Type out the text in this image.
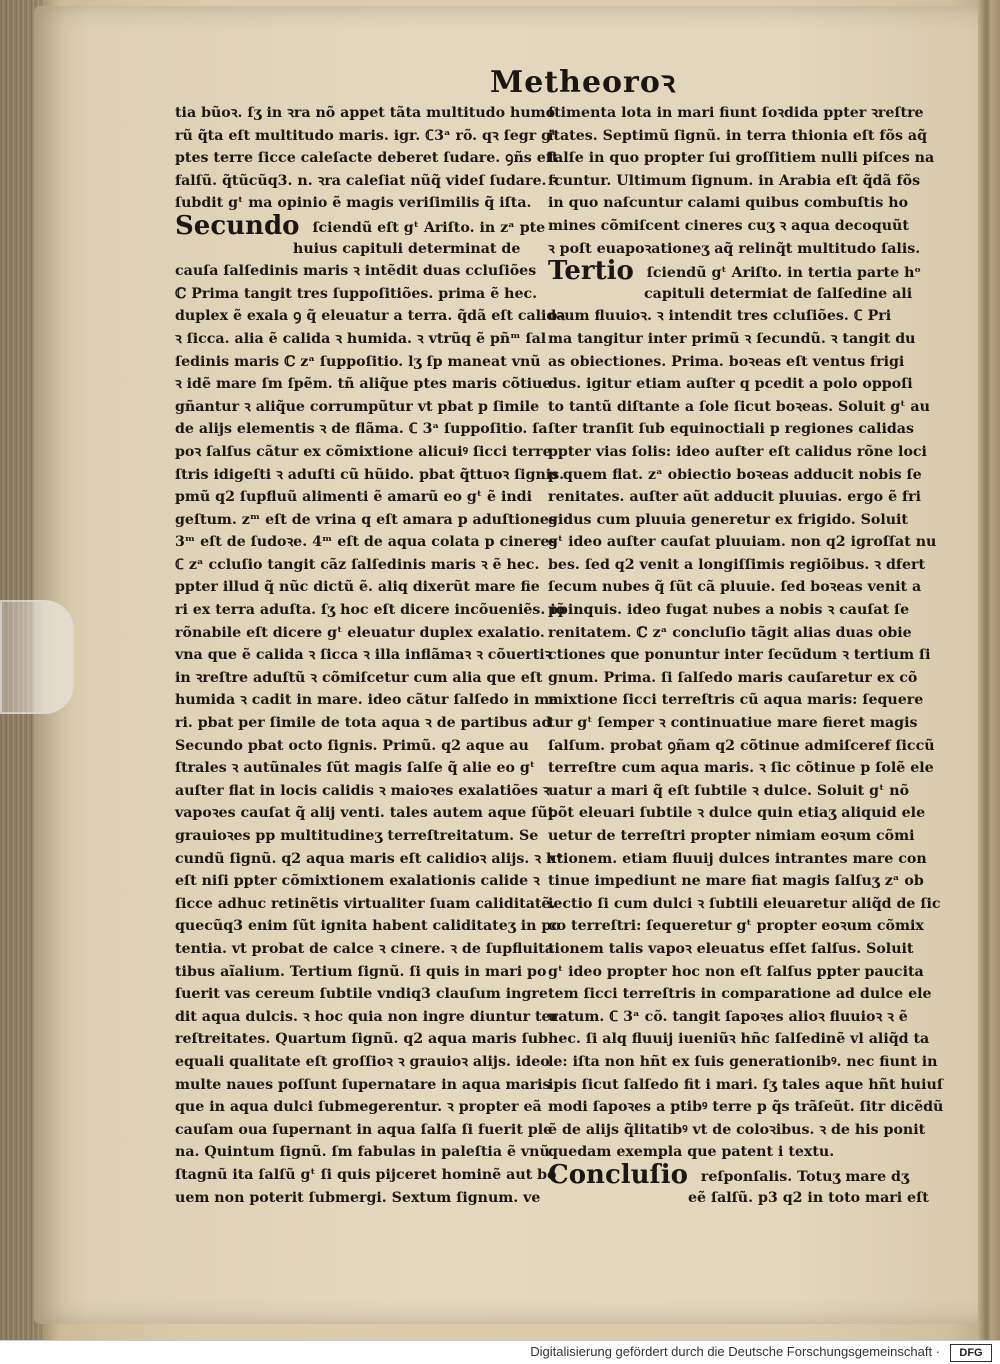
Metheoroꝛ
tia bũoꝛ. ſʒ in ꝛra nõ appet tãta multitudo humo
rũ q̃ta eſt multitudo maris. igr. ℂ3ᵃ rõ. qꝛ ſegr gᵗ
ptes terre ſicce caleſacte deberet ſudare. ꝯñs eſt
falſũ. q̃tũcũq3. n. ꝛra caleſiat nũq̃ videſ ſudare. ꝛ
ſubdit gᵗ ma opinio ẽ magis veriſimilis q̃ iſta.
Secundo ſciendũ eſt gᵗ Ariſto. in zᵃ pte
huius capituli determinat de
cauſa ſalſedinis maris ꝛ intẽdit duas ccluſiões
ℂ Prima tangit tres ſuppoſitiões. prima ẽ hec.
duplex ẽ exala ꝯ q̃ eleuatur a terra. q̃dã eſt calida
ꝛ ſicca. alia ẽ calida ꝛ humida. ꝛ vtrũq ẽ pñᵐ ſal
ſedinis maris ℂ zᵃ ſuppoſitio. lʒ ſp maneat vnũ
ꝛ idẽ mare ſm ſpẽm. tñ aliq̃ue ptes maris cõtiue
gñantur ꝛ aliq̃ue corrumpũtur vt pbat p ſimile
de alijs elementis ꝛ de flãma. ℂ 3ᵃ ſuppoſitio. ſa
poꝛ ſalſus cãtur ex cõmixtione alicuiꝰ ſicci terre
ſtris idigeſti ꝛ aduſti cũ hũido. pbat q̃ttuoꝛ ſignis.
pmũ q2 ſupfluũ alimenti ẽ amarũ eo gᵗ ẽ indi
geſtum. zᵐ eſt de vrina q eſt amara p aduſtiones
3ᵐ eſt de ſudoꝛe. 4ᵐ eſt de aqua colata p cineres
ℂ zᵃ ccluſio tangit cãz ſalſedinis maris ꝛ ẽ hec.
ppter illud q̃ nũc dictũ ẽ. aliq dixerũt mare fie
ri ex terra aduſta. ſʒ hoc eſt dicere incõueniẽs. iõ
rõnabile eſt dicere gᵗ eleuatur duplex exalatio.
vna que ẽ calida ꝛ ſicca ꝛ illa inflãmaꝛ ꝛ cõuertiꝛ
in ꝛreſtre aduſtũ ꝛ cõmiſcetur cum alia que eſt
humida ꝛ cadit in mare. ideo cãtur ſalſedo in ma
ri. pbat per ſimile de tota aqua ꝛ de partibus ad
Secundo pbat octo ſignis. Primũ. q2 aque au
ſtrales ꝛ autũnales ſũt magis ſalſe q̃ alie eo gᵗ
auſter flat in locis calidis ꝛ maioꝛes exalatiões ꝛ
vapoꝛes cauſat q̃ alij venti. tales autem aque ſũt
grauioꝛes pp multitudineʒ terreſtreitatum. Se
cundũ ſignũ. q2 aqua maris eſt calidioꝛ alijs. ꝛ hᵒ
eſt niſi ppter cõmixtionem exalationis calide ꝛ
ſicce adhuc retinẽtis virtualiter ſuam caliditatẽ.
quecũq3 enim ſũt ignita habent caliditateʒ in po
tentia. vt probat de calce ꝛ cinere. ꝛ de ſupfluita
tibus aĩalium. Tertium ſignũ. ſi quis in mari po
ſuerit vas cereum ſubtile vndiq3 clauſum ingre
dit aqua dulcis. ꝛ hoc quia non ingre diuntur ter
reſtreitates. Quartum ſignũ. q2 aqua maris ſub
equali qualitate eſt groſſioꝛ ꝛ grauioꝛ alijs. ideo
multe naues poſſunt ſupernatare in aqua maris
que in aqua dulci ſubmegerentur. ꝛ propter eã
cauſam oua ſupernant in aqua ſalſa ſi fuerit ple
na. Quintum ſignũ. ſm fabulas in paleſtia ẽ vnũ
ſtagnũ ita ſalſũ gᵗ ſi quis pijceret hominẽ aut bo
uem non poterit ſubmergi. Sextum ſignum. ve
ſtimenta lota in mari fiunt ſoꝛdida ppter ꝛreſtre
itates. Septimũ ſignũ. in terra thionia eſt fõs aq̃
ſalſe in quo propter ſui groſſitiem nulli piſces na
ſcuntur. Ultimum ſignum. in Arabia eſt q̃dã fõs
in quo naſcuntur calami quibus combuſtis ho
mines cõmiſcent cineres cuʒ ꝛ aqua decoquũt
ꝛ poſt euapoꝛationeʒ aq̃ relinq̃t multitudo ſalis.
Tertio ſciendũ gᵗ Ariſto. in tertia parte hᵒ
capituli determiat de ſalſedine ali
oꝛum fluuioꝛ. ꝛ intendit tres ccluſiões. ℂ Pri
ma tangitur inter primũ ꝛ ſecundũ. ꝛ tangit du
as obiectiones. Prima. boꝛeas eſt ventus frigi
dus. igitur etiam auſter q pcedit a polo oppoſi
to tantũ diſtante a ſole ſicut boꝛeas. Soluit gᵗ au
ſter tranſit ſub equinoctiali p regiones calidas
ppter vias ſolis: ideo auſter eſt calidus rõne loci
p quem flat. zᵃ obiectio boꝛeas adducit nobis ſe
renitates. auſter aũt adducit pluuias. ergo ẽ fri
gidus cum pluuia generetur ex frigido. Soluit
gᵗ ideo auſter cauſat pluuiam. non q2 igroſſat nu
bes. ſed q2 venit a longiſſimis regiõibus. ꝛ dfert
ſecum nubes q̃ ſũt cã pluuie. ſed boꝛeas venit a
ppinquis. ideo fugat nubes a nobis ꝛ cauſat ſe
renitatem. ℂ zᵃ concluſio tãgit alias duas obie
ctiones que ponuntur inter ſecũdum ꝛ tertium ſi
gnum. Prima. ſi ſalſedo maris cauſaretur ex cõ
mixtione ſicci terreſtris cũ aqua maris: ſequere
tur gᵗ ſemper ꝛ continuatiue mare fieret magis
ſalſum. probat ꝯñam q2 cõtinue admiſceref ſiccũ
terreſtre cum aqua maris. ꝛ ſic cõtinue p ſolẽ ele
uatur a mari q̃ eſt ſubtile ꝛ dulce. Soluit gᵗ nõ
põt eleuari ſubtile ꝛ dulce quin etiaʒ aliquid ele
uetur de terreſtri propter nimiam eoꝛum cõmi
xtionem. etiam fluuij dulces intrantes mare con
tinue impediunt ne mare fiat magis ſalſuʒ zᵃ ob
iectio ſi cum dulci ꝛ ſubtili eleuaretur aliq̃d de ſic
co terreſtri: ſequeretur gᵗ propter eoꝛum cõmix
tionem talis vapoꝛ eleuatus eſſet ſalſus. Soluit
gᵗ ideo propter hoc non eſt ſalſus ppter paucita
tem ſicci terreſtris in comparatione ad dulce ele
uatum. ℂ 3ᵃ cõ. tangit ſapoꝛes alioꝛ fluuioꝛ ꝛ ẽ
hec. ſi alq fluuij iueniũꝛ hñc ſalſedinẽ vl aliq̃d ta
le: iſta non hñt ex ſuis generationibꝰ. nec fiunt in
ipis ſicut ſalſedo fit i mari. ſʒ tales aque hñt huiuſ
modi ſapoꝛes a ptibꝰ terre p q̃s trãſeũt. ſitr dicẽdũ
ẽ de alijs q̃litatibꝰ vt de coloꝛibus. ꝛ de his ponit
quedam exempla que patent i textu.
Concluſio reſponſalis. Totuʒ mare dʒ
eẽ ſalſũ. p3 q2 in toto mari eſt
Digitalisierung gefördert durch die Deutsche Forschungsgemeinschaft ·	DFG
